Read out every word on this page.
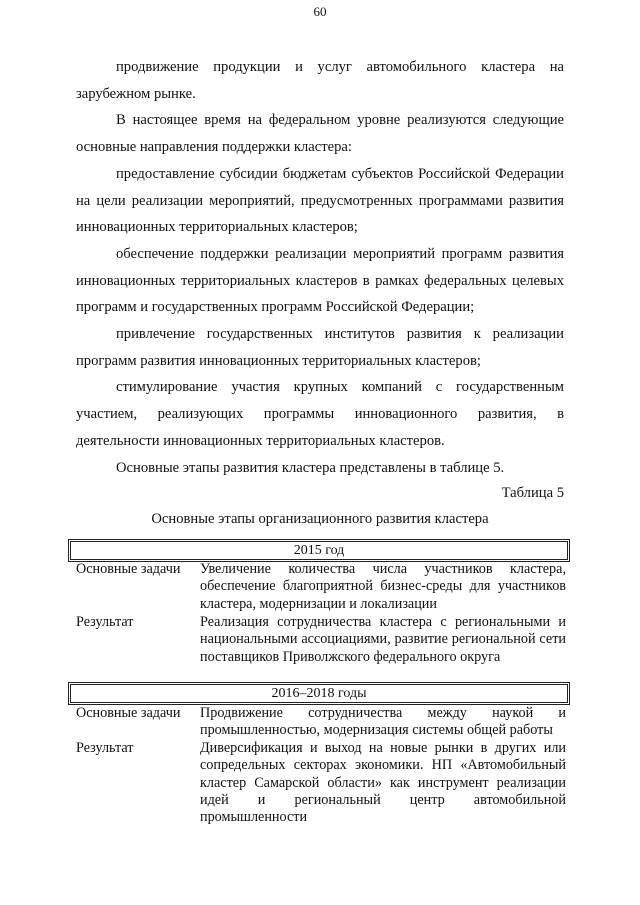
60

продвижение продукции и услуг автомобильного кластера на зарубежном рынке.

В настоящее время на федеральном уровне реализуются следующие основные направления поддержки кластера:

предоставление субсидии бюджетам субъектов Российской Федерации на цели реализации мероприятий, предусмотренных программами развития инновационных территориальных кластеров;

обеспечение поддержки реализации мероприятий программ развития инновационных территориальных кластеров в рамках федеральных целевых программ и государственных программ Российской Федерации;

привлечение государственных институтов развития к реализации программ развития инновационных территориальных кластеров;

стимулирование участия крупных компаний с государственным участием, реализующих программы инновационного развития, в деятельности инновационных территориальных кластеров.

Основные этапы развития кластера представлены в таблице 5.

Таблица 5
Основные этапы организационного развития кластера
2015 год
Основные задачи	Увеличение количества числа участников кластера, обеспечение благоприятной бизнес-среды для участников кластера, модернизации и локализации
Результат	Реализация сотрудничества кластера с региональными и национальными ассоциациями, развитие региональной сети поставщиков Приволжского федерального округа
2016–2018 годы
Основные задачи	Продвижение сотрудничества между наукой и промышленностью, модернизация системы общей работы
Результат	Диверсификация и выход на новые рынки в других или сопредельных секторах экономики. НП «Автомобильный кластер Самарской области» как инструмент реализации идей и региональный центр автомобильной промышленности
